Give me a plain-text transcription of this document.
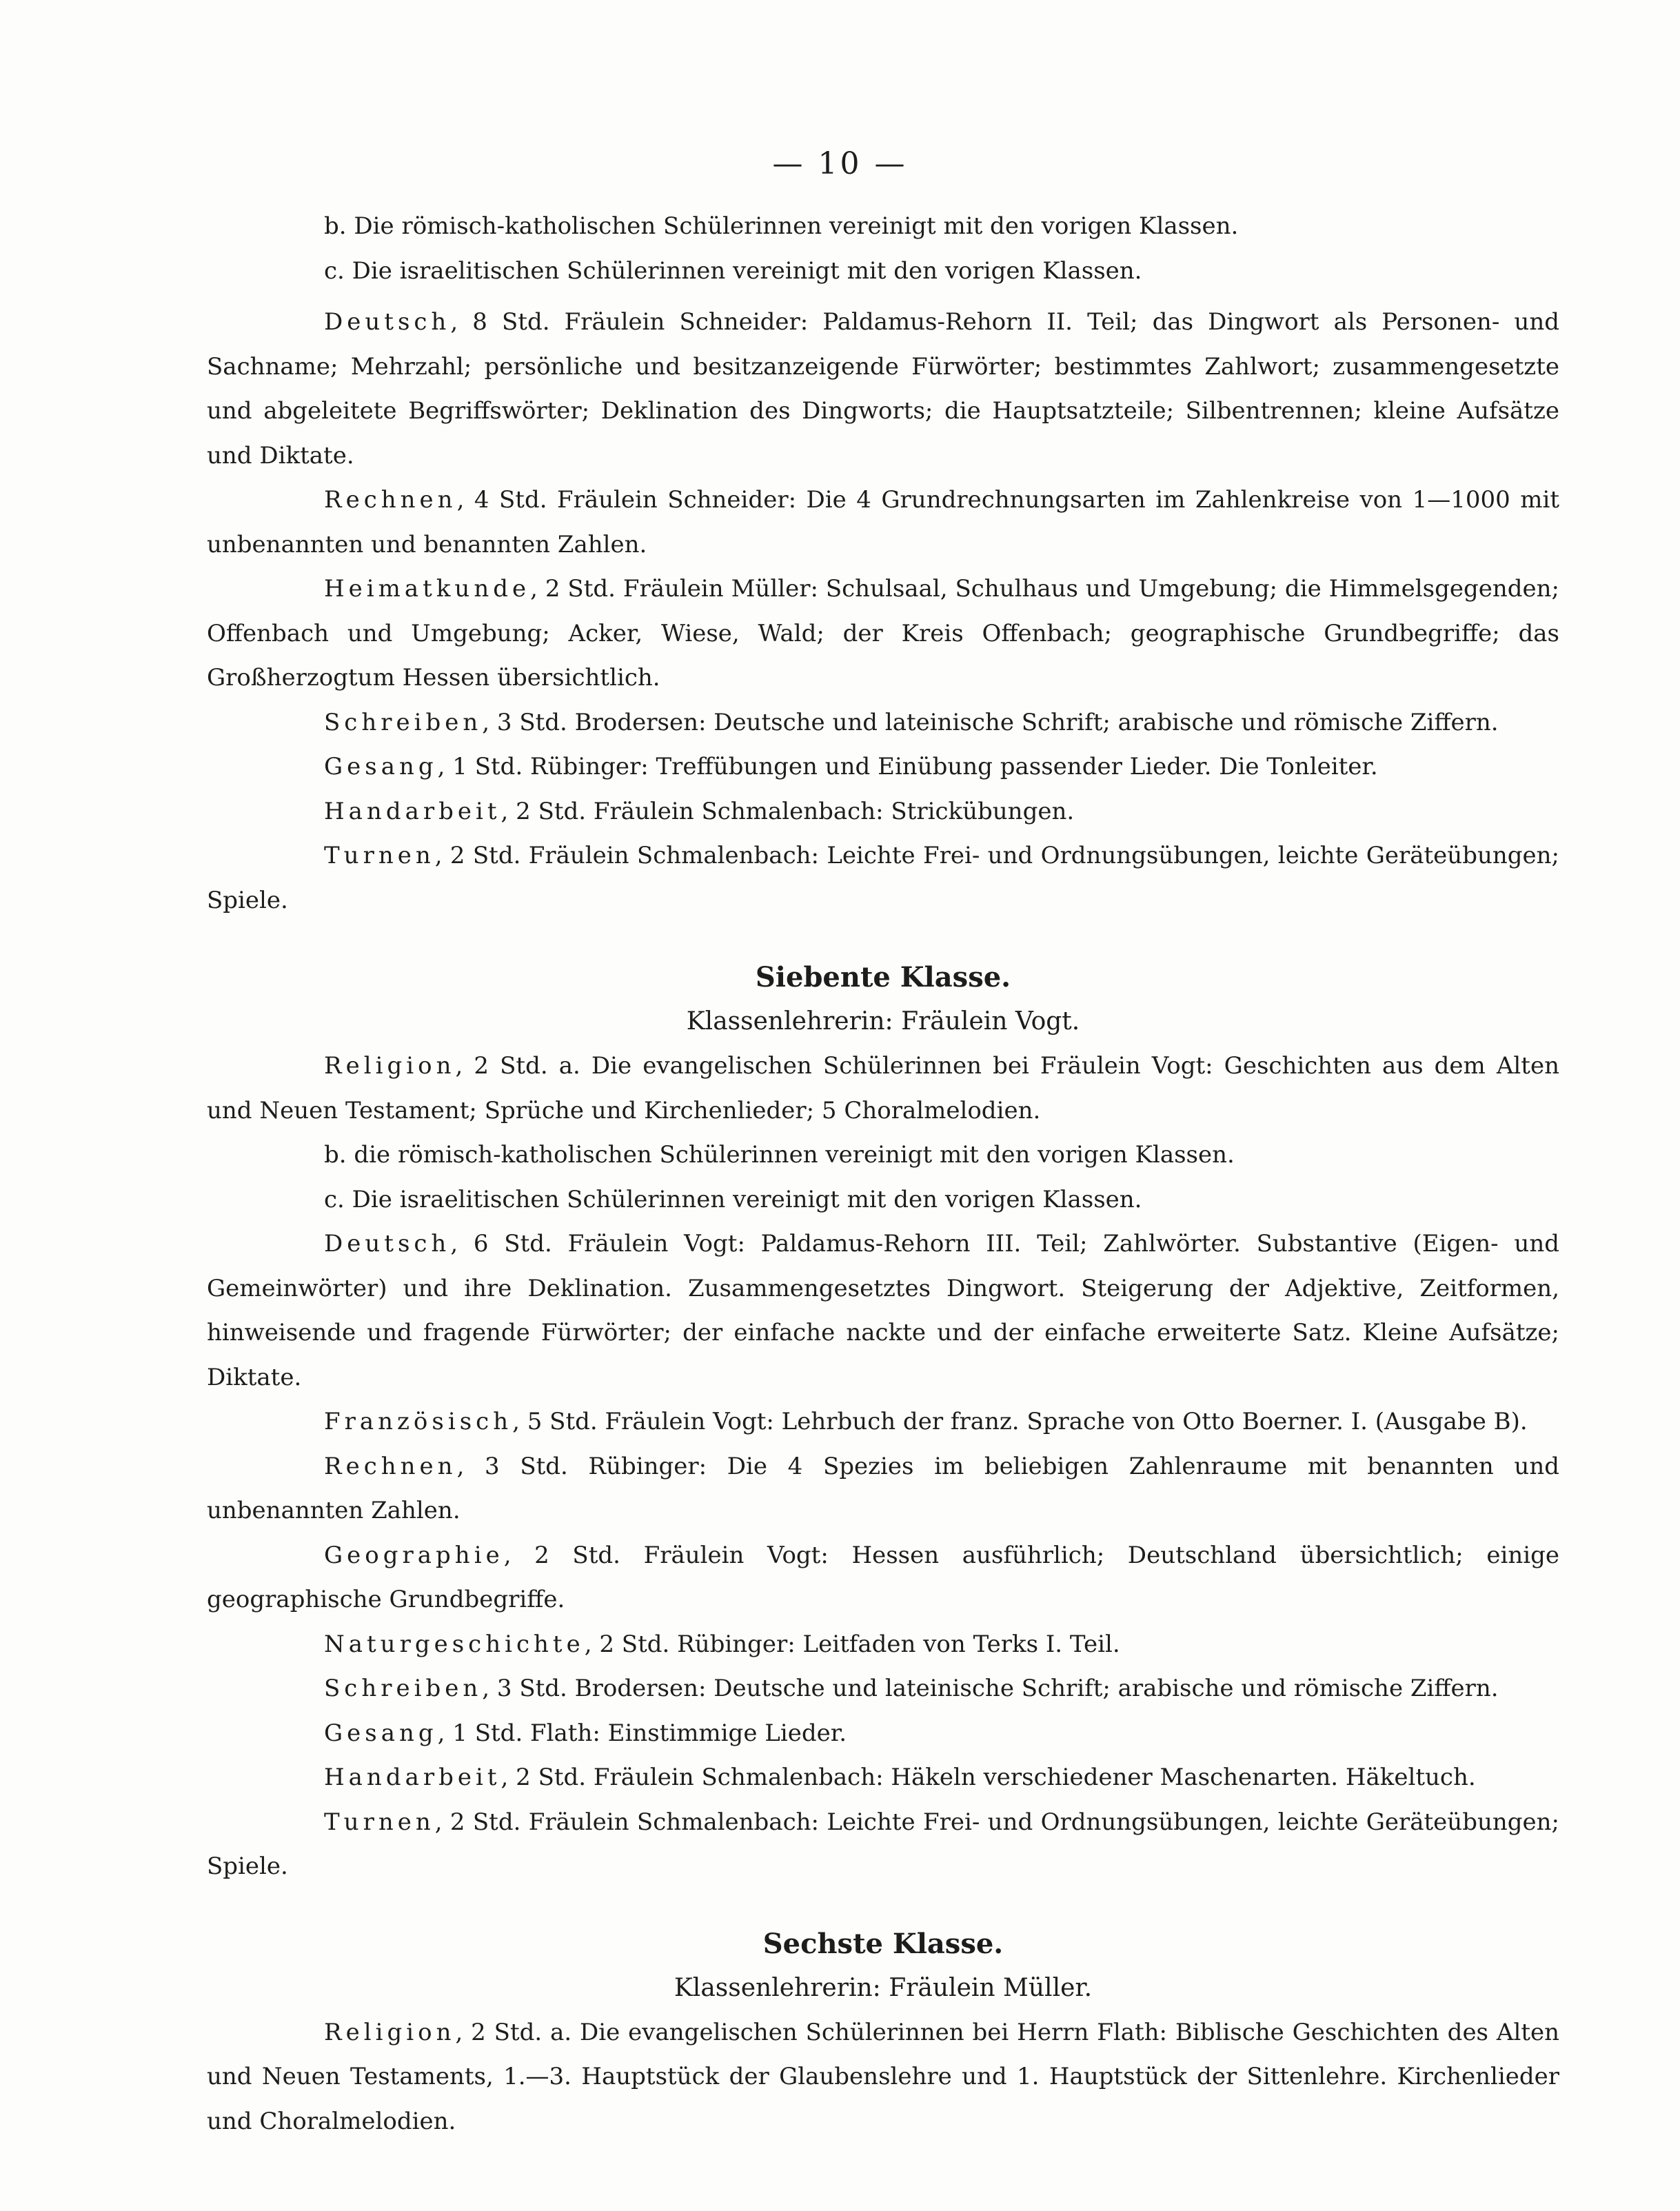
— 10 —

b. Die römisch-katholischen Schülerinnen vereinigt mit den vorigen Klassen.

c. Die israelitischen Schülerinnen vereinigt mit den vorigen Klassen.

Deutsch, 8 Std. Fräulein Schneider: Paldamus-Rehorn II. Teil; das Dingwort als Personen- und Sachname; Mehrzahl; persönliche und besitzanzeigende Fürwörter; bestimmtes Zahlwort; zusammengesetzte und abgeleitete Begriffswörter; Deklination des Dingworts; die Hauptsatzteile; Silbentrennen; kleine Aufsätze und Diktate.

Rechnen, 4 Std. Fräulein Schneider: Die 4 Grundrechnungsarten im Zahlenkreise von 1—1000 mit unbenannten und benannten Zahlen.

Heimatkunde, 2 Std. Fräulein Müller: Schulsaal, Schulhaus und Umgebung; die Himmelsgegenden; Offenbach und Umgebung; Acker, Wiese, Wald; der Kreis Offenbach; geographische Grundbegriffe; das Großherzogtum Hessen übersichtlich.

Schreiben, 3 Std. Brodersen: Deutsche und lateinische Schrift; arabische und römische Ziffern.

Gesang, 1 Std. Rübinger: Treffübungen und Einübung passender Lieder. Die Tonleiter.

Handarbeit, 2 Std. Fräulein Schmalenbach: Strickübungen.

Turnen, 2 Std. Fräulein Schmalenbach: Leichte Frei- und Ordnungsübungen, leichte Geräteübungen; Spiele.

Siebente Klasse.

Klassenlehrerin: Fräulein Vogt.

Religion, 2 Std. a. Die evangelischen Schülerinnen bei Fräulein Vogt: Geschichten aus dem Alten und Neuen Testament; Sprüche und Kirchenlieder; 5 Choralmelodien.

b. die römisch-katholischen Schülerinnen vereinigt mit den vorigen Klassen.

c. Die israelitischen Schülerinnen vereinigt mit den vorigen Klassen.

Deutsch, 6 Std. Fräulein Vogt: Paldamus-Rehorn III. Teil; Zahlwörter. Substantive (Eigen- und Gemeinwörter) und ihre Deklination. Zusammengesetztes Dingwort. Steigerung der Adjektive, Zeitformen, hinweisende und fragende Fürwörter; der einfache nackte und der einfache erweiterte Satz. Kleine Aufsätze; Diktate.

Französisch, 5 Std. Fräulein Vogt: Lehrbuch der franz. Sprache von Otto Boerner. I. (Ausgabe B).

Rechnen, 3 Std. Rübinger: Die 4 Spezies im beliebigen Zahlenraume mit benannten und unbenannten Zahlen.

Geographie, 2 Std. Fräulein Vogt: Hessen ausführlich; Deutschland übersichtlich; einige geographische Grundbegriffe.

Naturgeschichte, 2 Std. Rübinger: Leitfaden von Terks I. Teil.

Schreiben, 3 Std. Brodersen: Deutsche und lateinische Schrift; arabische und römische Ziffern.

Gesang, 1 Std. Flath: Einstimmige Lieder.

Handarbeit, 2 Std. Fräulein Schmalenbach: Häkeln verschiedener Maschenarten. Häkeltuch.

Turnen, 2 Std. Fräulein Schmalenbach: Leichte Frei- und Ordnungsübungen, leichte Geräteübungen; Spiele.

Sechste Klasse.

Klassenlehrerin: Fräulein Müller.

Religion, 2 Std. a. Die evangelischen Schülerinnen bei Herrn Flath: Biblische Geschichten des Alten und Neuen Testaments, 1.—3. Hauptstück der Glaubenslehre und 1. Hauptstück der Sittenlehre. Kirchenlieder und Choralmelodien.
